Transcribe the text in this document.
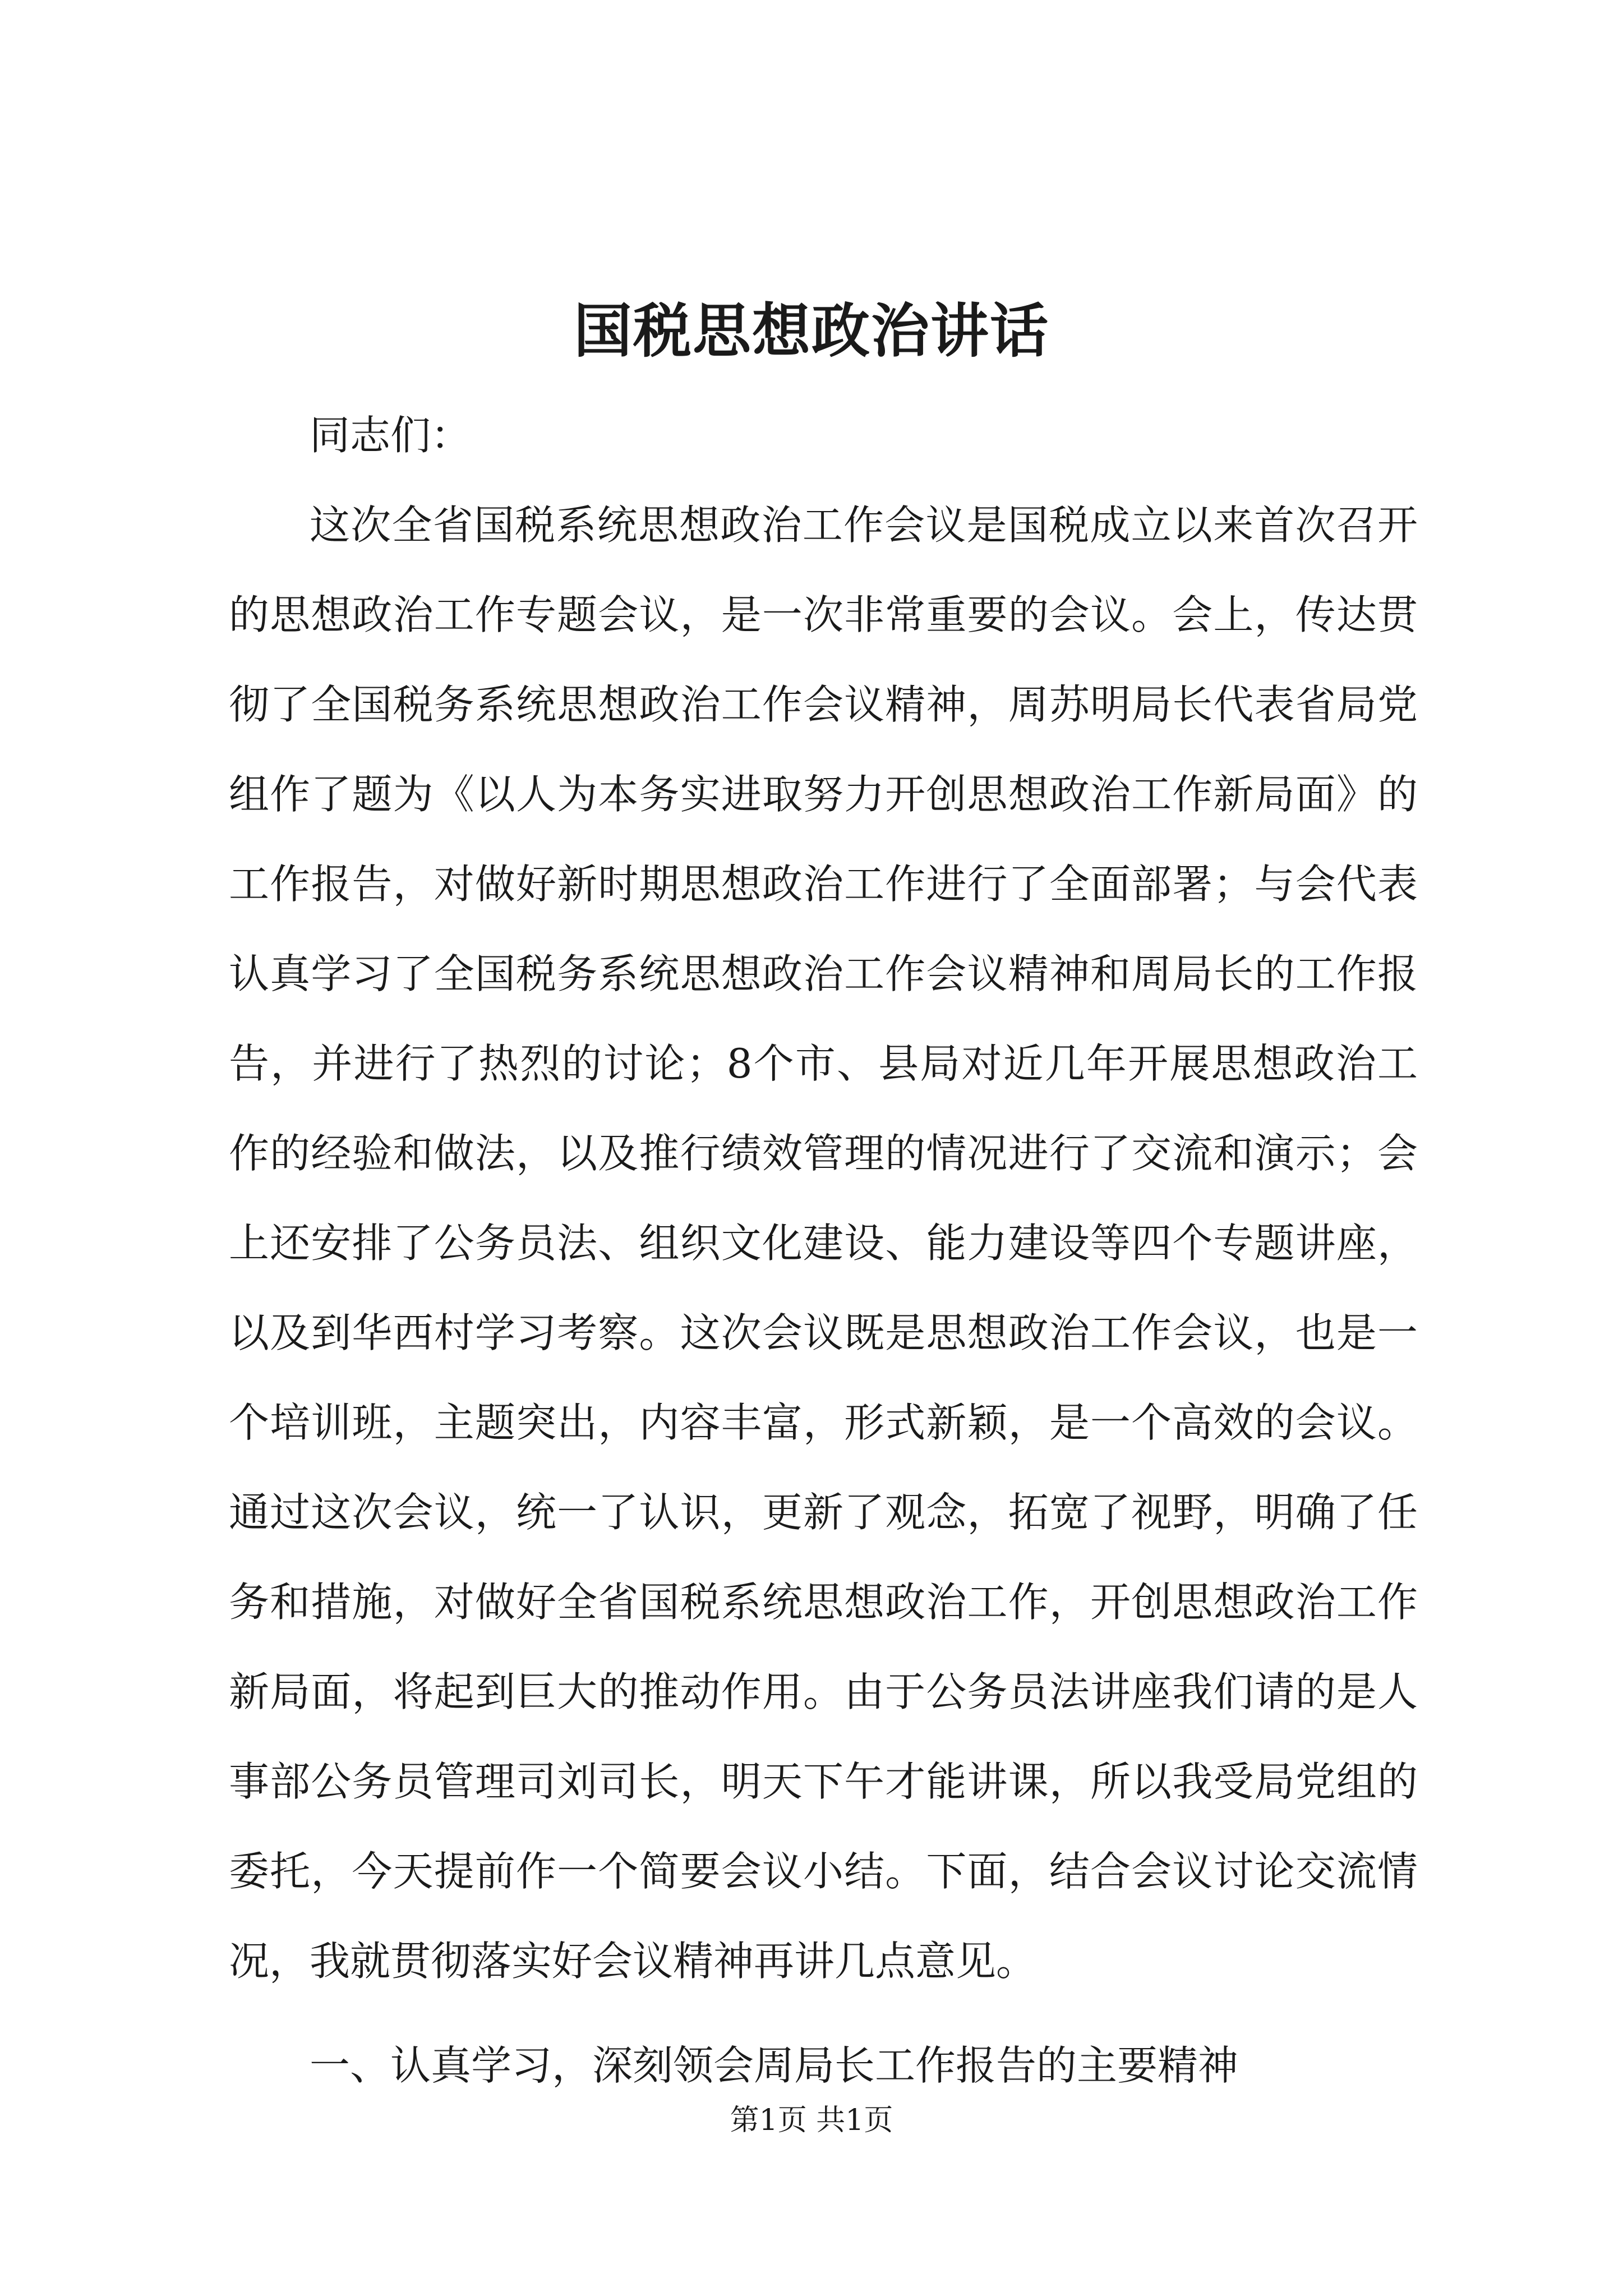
国税思想政治讲话

同志们：

这次全省国税系统思想政治工作会议是国税成立以来首次召开的思想政治工作专题会议，是一次非常重要的会议。会上，传达贯彻了全国税务系统思想政治工作会议精神，周苏明局长代表省局党组作了题为《以人为本务实进取努力开创思想政治工作新局面》的工作报告，对做好新时期思想政治工作进行了全面部署；与会代表认真学习了全国税务系统思想政治工作会议精神和周局长的工作报告，并进行了热烈的讨论；8个市、县局对近几年开展思想政治工作的经验和做法，以及推行绩效管理的情况进行了交流和演示；会上还安排了公务员法、组织文化建设、能力建设等四个专题讲座，以及到华西村学习考察。这次会议既是思想政治工作会议，也是一个培训班，主题突出，内容丰富，形式新颖，是一个高效的会议。通过这次会议，统一了认识，更新了观念，拓宽了视野，明确了任务和措施，对做好全省国税系统思想政治工作，开创思想政治工作新局面，将起到巨大的推动作用。由于公务员法讲座我们请的是人事部公务员管理司刘司长，明天下午才能讲课，所以我受局党组的委托，今天提前作一个简要会议小结。下面，结合会议讨论交流情况，我就贯彻落实好会议精神再讲几点意见。

一、认真学习，深刻领会周局长工作报告的主要精神

第1页 共1页
